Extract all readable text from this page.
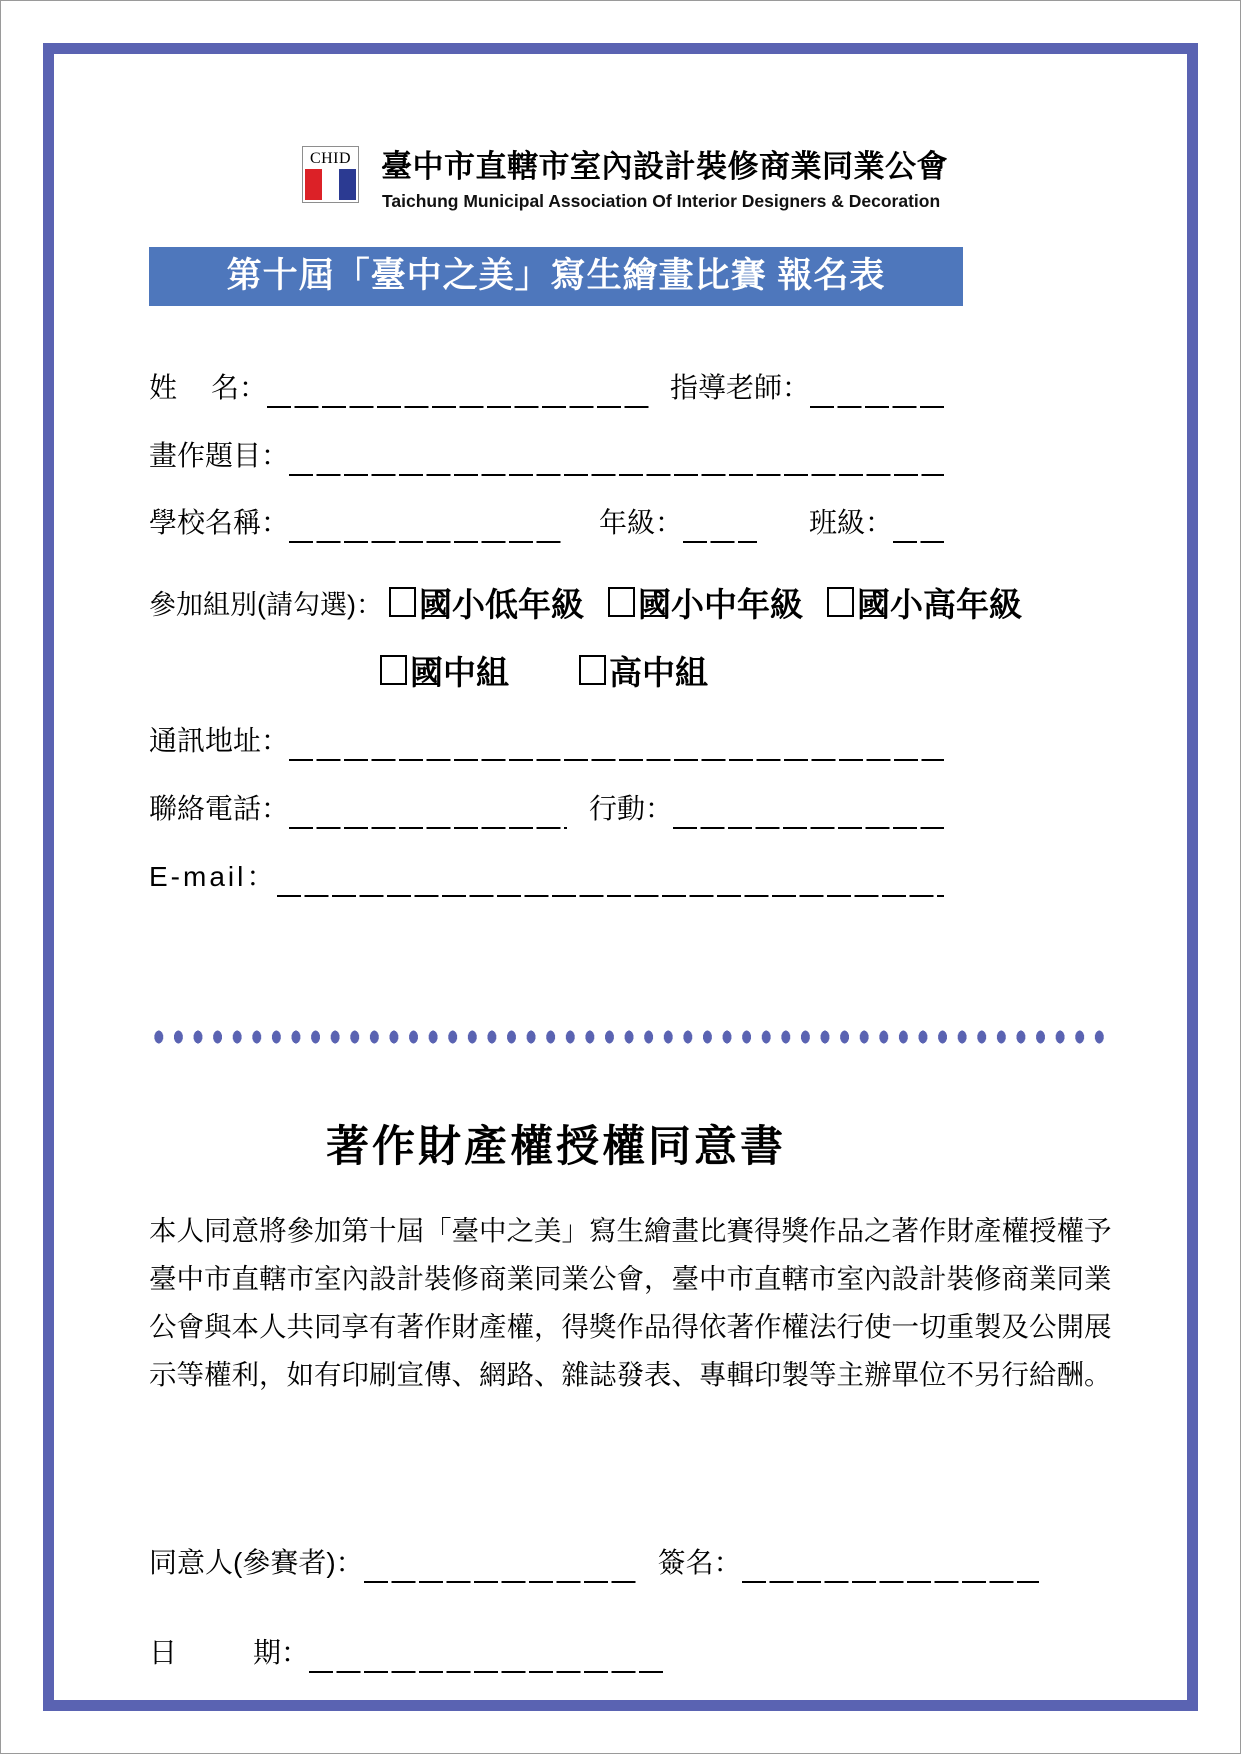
CHID 臺中市直轄市室內設計裝修商業同業公會
Taichung Municipal Association Of Interior Designers & Decoration
第十屆「臺中之美」寫生繪畫比賽 報名表
姓 名：	指導老師：
畫作題目：
學校名稱：	年級：	班級：
參加組別(請勾選)： 國小低年級 國小中年級 國小高年級
國中組	高中組
通訊地址：
聯絡電話：	行動：
E-mail：
著作財產權授權同意書
本人同意將參加第十屆「臺中之美」寫生繪畫比賽得獎作品之著作財產權授權予
臺中市直轄市室內設計裝修商業同業公會，臺中市直轄市室內設計裝修商業同業
公會與本人共同享有著作財產權，得獎作品得依著作權法行使一切重製及公開展
示等權利，如有印刷宣傳、網路、雜誌發表、專輯印製等主辦單位不另行給酬。
同意人(參賽者)：	簽名：
日	期：
